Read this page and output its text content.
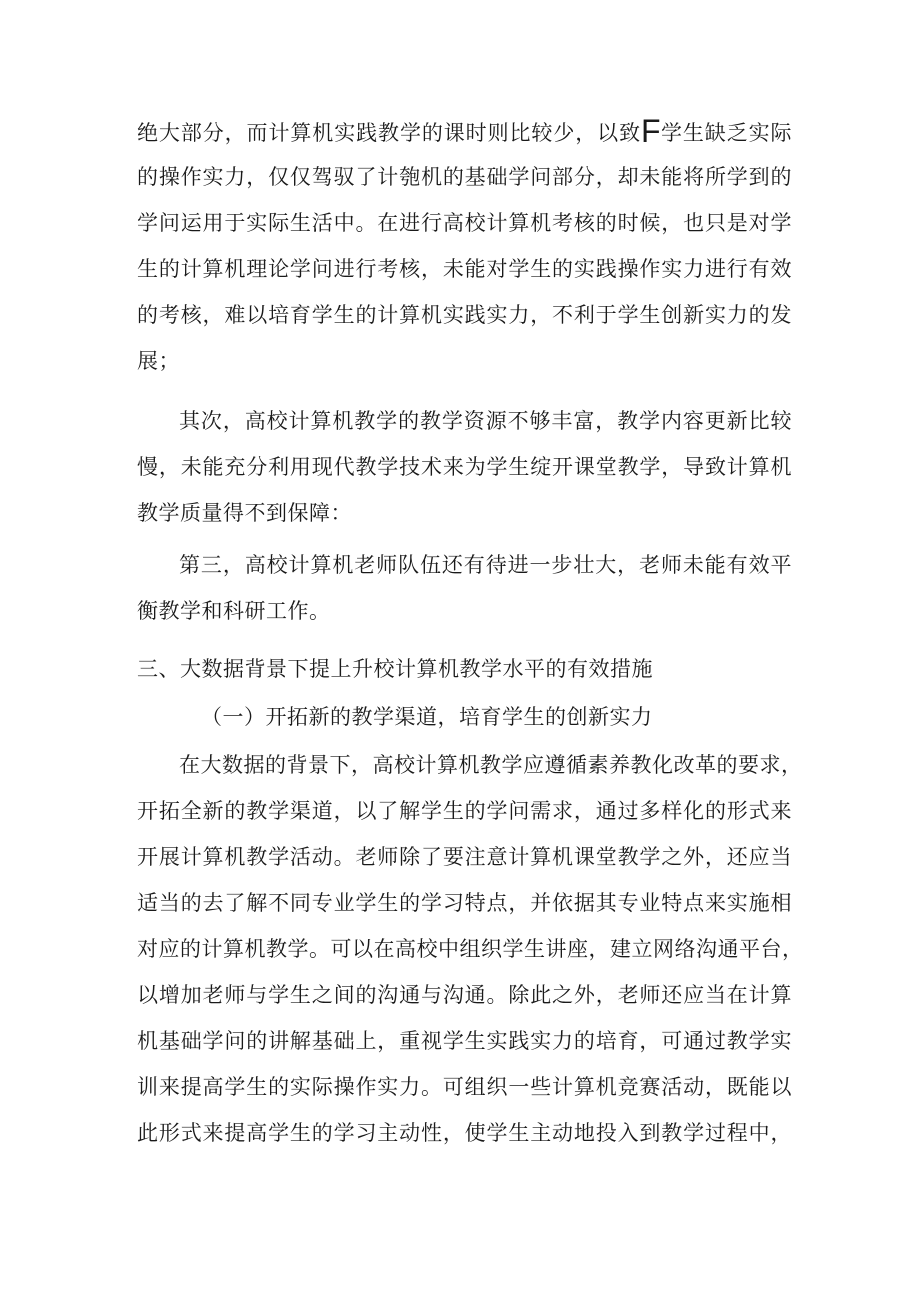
绝大部分，而计算机实践教学的课时则比较少，以致F学生缺乏实际
的操作实力，仅仅驾驭了计匏机的基础学问部分，却未能将所学到的
学问运用于实际生活中。在进行高校计算机考核的时候，也只是对学
生的计算机理论学问进行考核，未能对学生的实践操作实力进行有效
的考核，难以培育学生的计算机实践实力，不利于学生创新实力的发
展；
其次，高校计算机教学的教学资源不够丰富，教学内容更新比较
慢，未能充分利用现代教学技术来为学生绽开课堂教学，导致计算机
教学质量得不到保障：
第三，高校计算机老师队伍还有待进一步壮大，老师未能有效平
衡教学和科研工作。
三、大数据背景下提上升校计算机教学水平的有效措施
（一）开拓新的教学渠道，培育学生的创新实力
在大数据的背景下，高校计算机教学应遵循素养教化改革的要求，
开拓全新的教学渠道，以了解学生的学问需求，通过多样化的形式来
开展计算机教学活动。老师除了要注意计算机课堂教学之外，还应当
适当的去了解不同专业学生的学习特点，并依据其专业特点来实施相
对应的计算机教学。可以在高校中组织学生讲座，建立网络沟通平台，
以增加老师与学生之间的沟通与沟通。除此之外，老师还应当在计算
机基础学问的讲解基础上，重视学生实践实力的培育，可通过教学实
训来提高学生的实际操作实力。可组织一些计算机竞赛活动，既能以
此形式来提高学生的学习主动性，使学生主动地投入到教学过程中，
